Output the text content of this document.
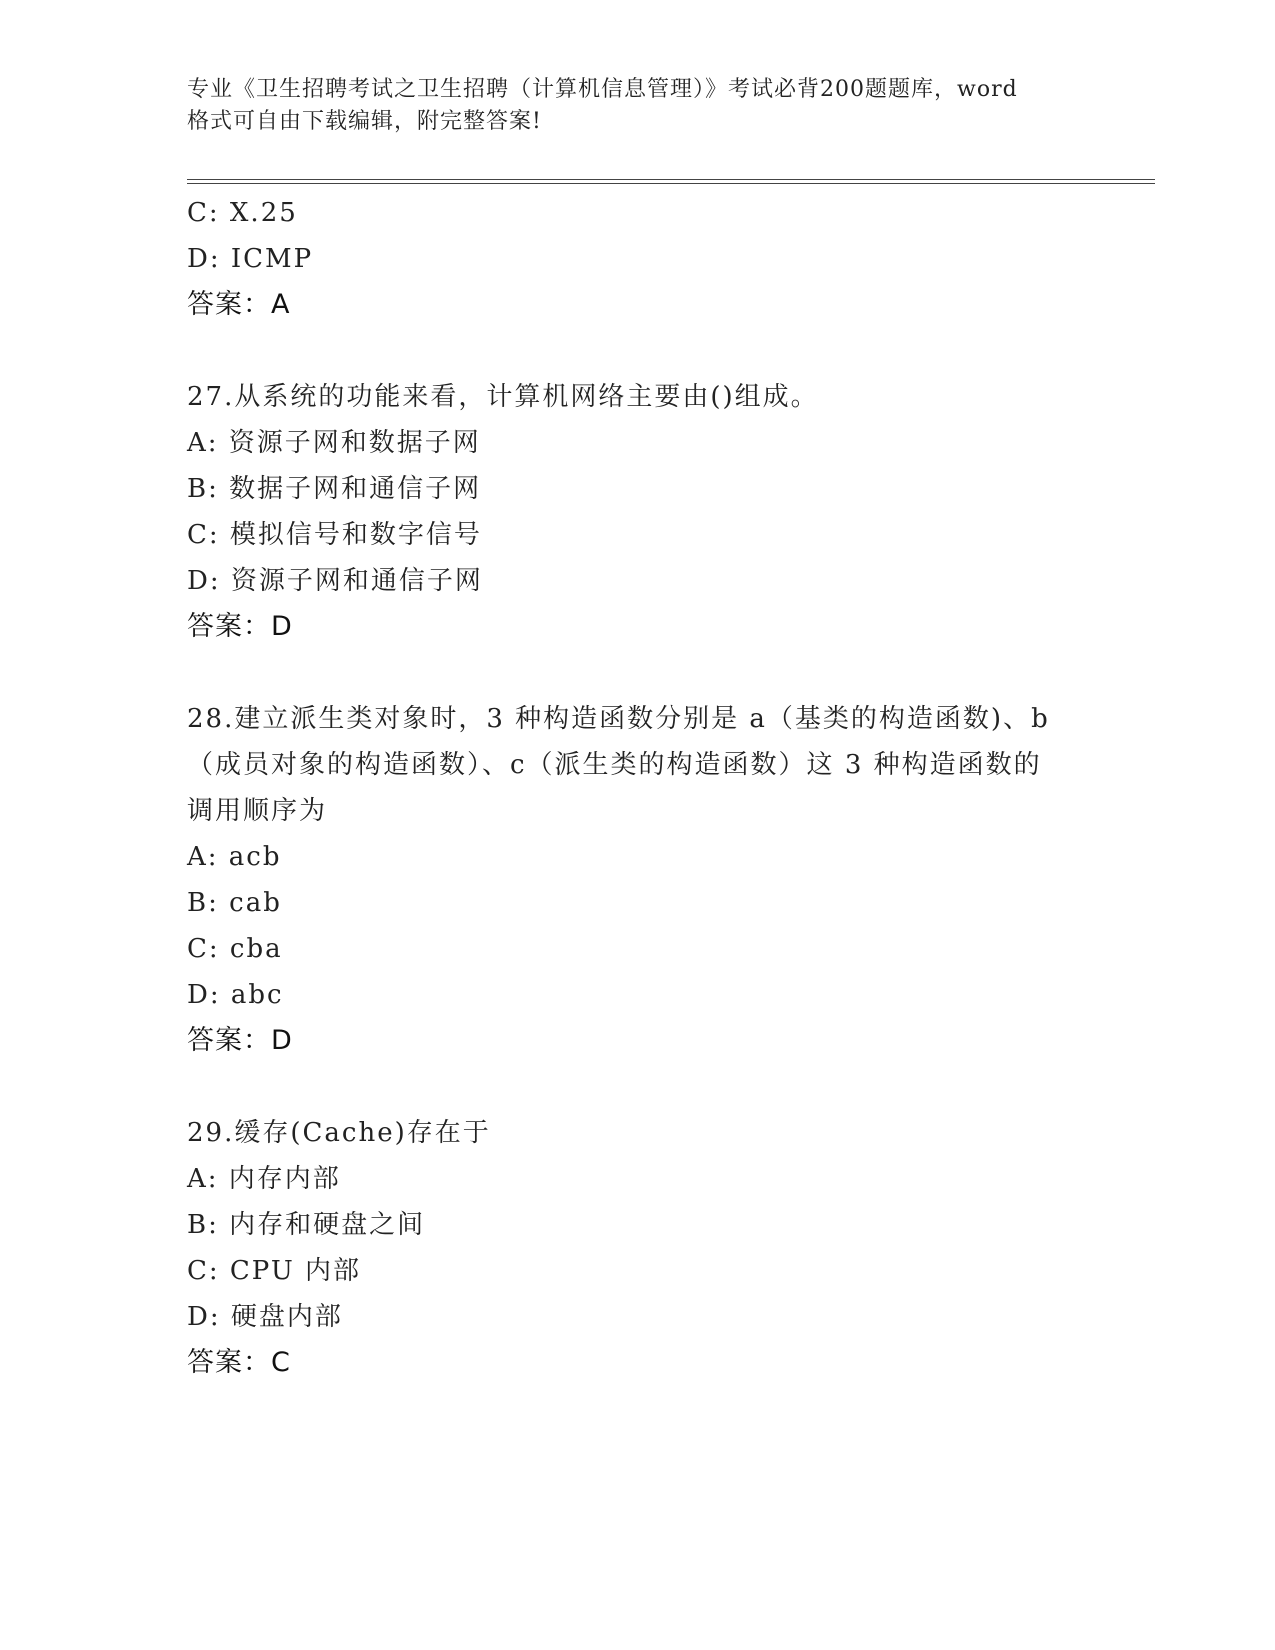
专业《卫生招聘考试之卫生招聘（计算机信息管理）》考试必背200题题库，word
格式可自由下载编辑，附完整答案!
C: X.25
D: ICMP
答案：A
27.从系统的功能来看，计算机网络主要由()组成。
A: 资源子网和数据子网
B: 数据子网和通信子网
C: 模拟信号和数字信号
D: 资源子网和通信子网
答案：D
28.建立派生类对象时，3 种构造函数分别是 a（基类的构造函数)、b
（成员对象的构造函数）、c（派生类的构造函数）这 3 种构造函数的
调用顺序为
A: acb
B: cab
C: cba
D: abc
答案：D
29.缓存(Cache)存在于
A: 内存内部
B: 内存和硬盘之间
C: CPU 内部
D: 硬盘内部
答案：C
